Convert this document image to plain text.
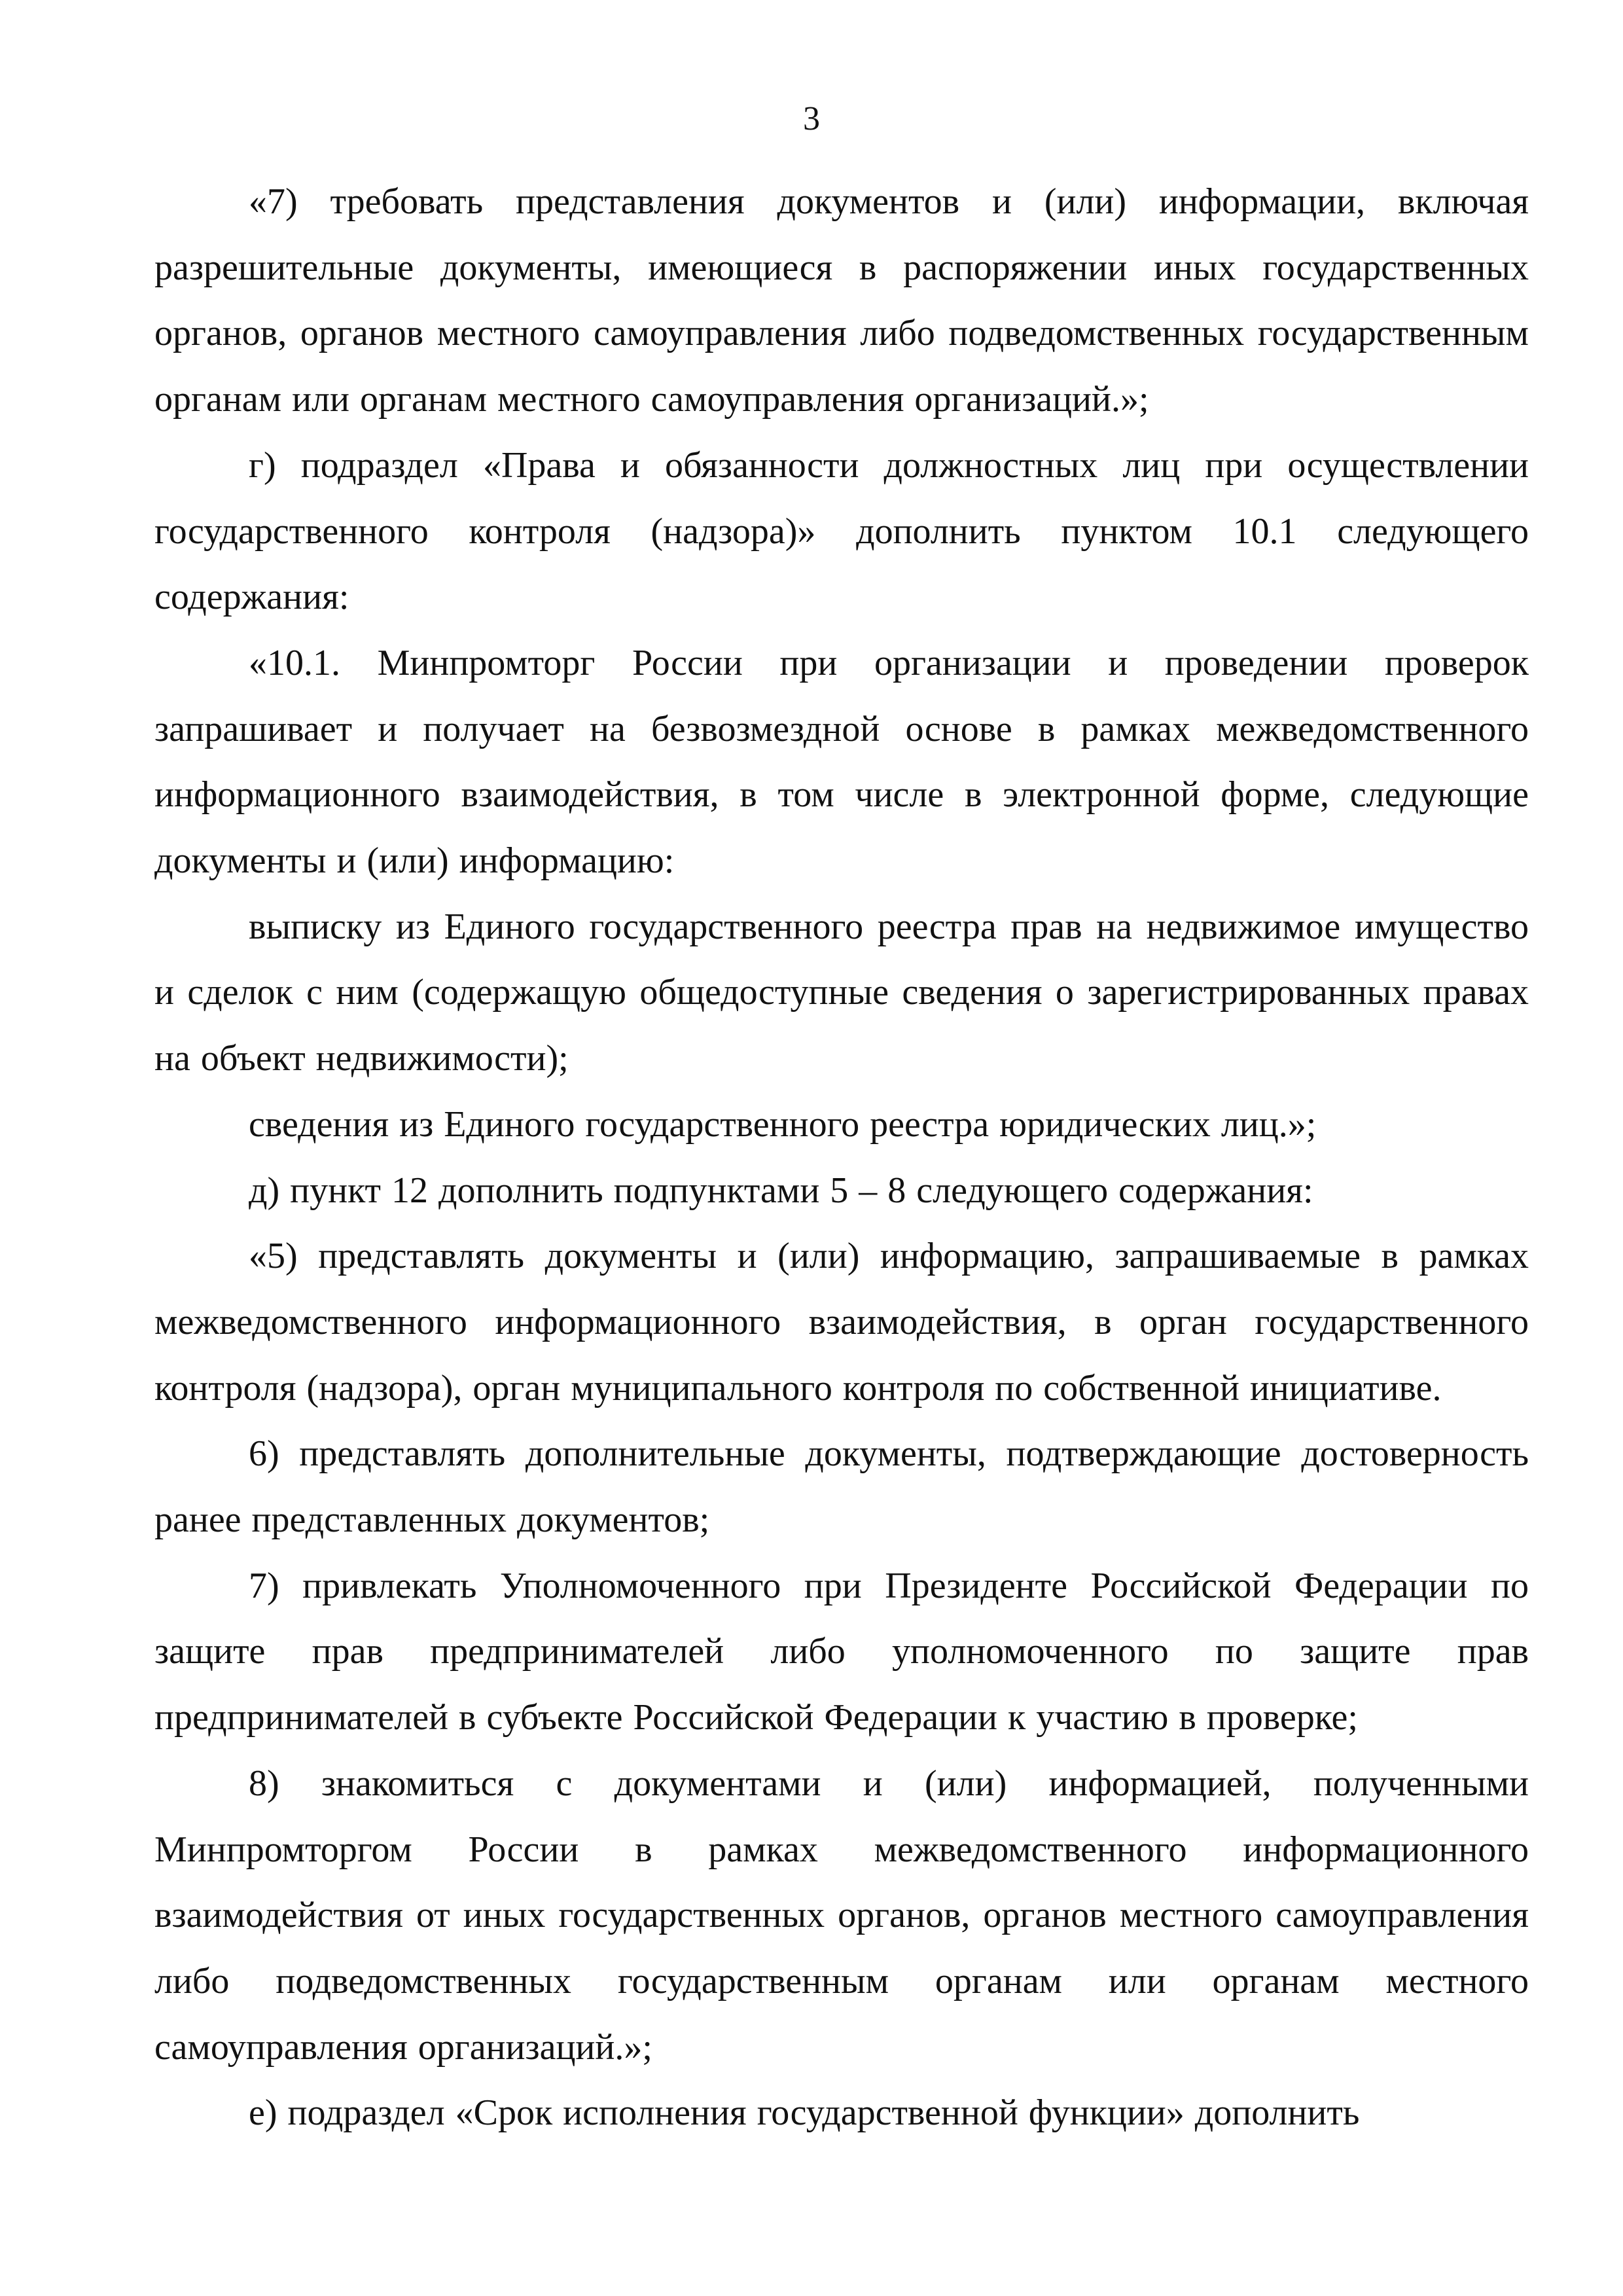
3

«7) требовать представления документов и (или) информации, включая разрешительные документы, имеющиеся в распоряжении иных государственных органов, органов местного самоуправления либо подведомственных государственным органам или органам местного самоуправления организаций.»;

г) подраздел «Права и обязанности должностных лиц при осуществлении государственного контроля (надзора)» дополнить пунктом 10.1 следующего содержания:

«10.1. Минпромторг России при организации и проведении проверок запрашивает и получает на безвозмездной основе в рамках межведомственного информационного взаимодействия, в том числе в электронной форме, следующие документы и (или) информацию:

выписку из Единого государственного реестра прав на недвижимое имущество и сделок с ним (содержащую общедоступные сведения о зарегистрированных правах на объект недвижимости);

сведения из Единого государственного реестра юридических лиц.»;

д) пункт 12 дополнить подпунктами 5 – 8 следующего содержания:

«5) представлять документы и (или) информацию, запрашиваемые в рамках межведомственного информационного взаимодействия, в орган государственного контроля (надзора), орган муниципального контроля по собственной инициативе.

6) представлять дополнительные документы, подтверждающие достоверность ранее представленных документов;

7) привлекать Уполномоченного при Президенте Российской Федерации по защите прав предпринимателей либо уполномоченного по защите прав предпринимателей в субъекте Российской Федерации к участию в проверке;

8) знакомиться с документами и (или) информацией, полученными Минпромторгом России в рамках межведомственного информационного взаимодействия от иных государственных органов, органов местного самоуправления либо подведомственных государственным органам или органам местного самоуправления организаций.»;

е) подраздел «Срок исполнения государственной функции» дополнить
